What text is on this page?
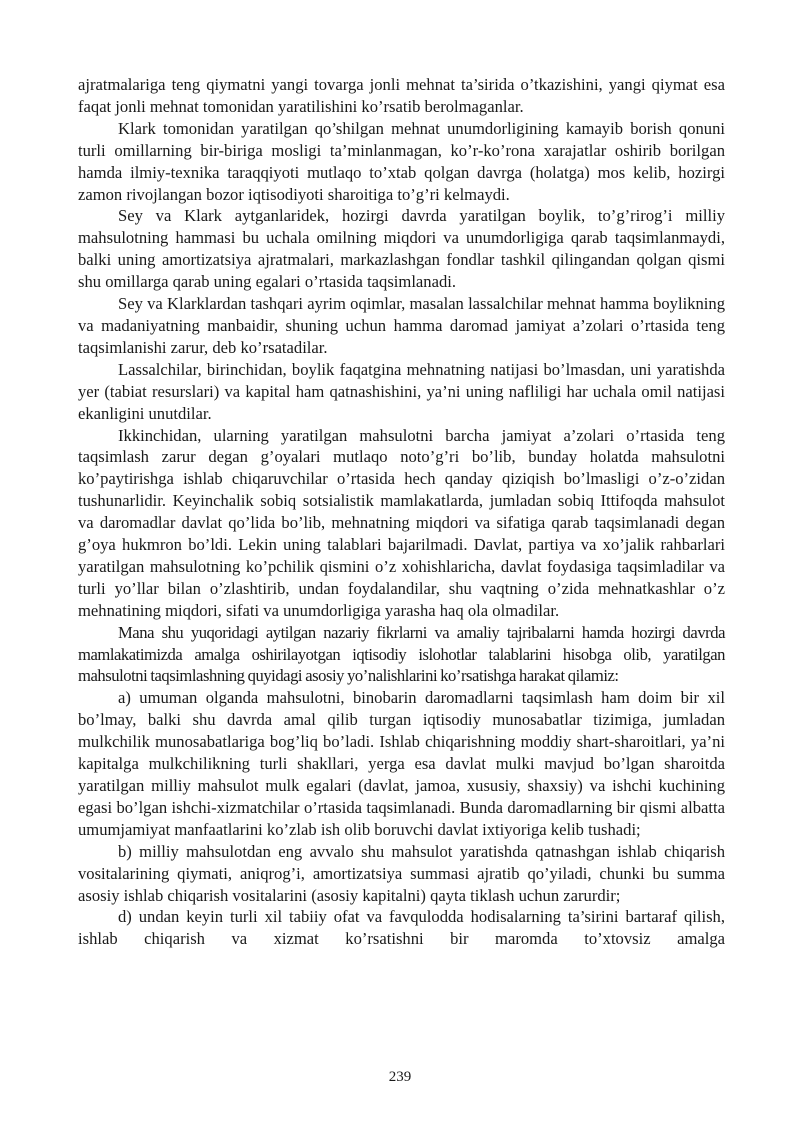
ajratmalariga teng qiymatni yangi tovarga jonli mehnat ta’sirida o’tkazishini, yangi qiymat esa faqat jonli mehnat tomonidan yaratilishini ko’rsatib berolmaganlar.

Klark tomonidan yaratilgan qo’shilgan mehnat unumdorligining kamayib borish qonuni turli omillarning bir-biriga mosligi ta’minlanmagan, ko’r-ko’rona xarajatlar oshirib borilgan hamda ilmiy-texnika taraqqiyoti mutlaqo to’xtab qolgan davrga (holatga) mos kelib, hozirgi zamon rivojlangan bozor iqtisodiyoti sharoitiga to’g’ri kelmaydi.

Sey va Klark aytganlaridek, hozirgi davrda yaratilgan boylik, to’g’rirog’i milliy mahsulotning hammasi bu uchala omilning miqdori va unumdorligiga qarab taqsimlanmaydi, balki uning amortizatsiya ajratmalari, markazlashgan fondlar tashkil qilingandan qolgan qismi shu omillarga qarab uning egalari o’rtasida taqsimlanadi.

Sey va Klarklardan tashqari ayrim oqimlar, masalan lassalchilar mehnat hamma boylikning va madaniyatning manbaidir, shuning uchun hamma daromad jamiyat a’zolari o’rtasida teng taqsimlanishi zarur, deb ko’rsatadilar.

Lassalchilar, birinchidan, boylik faqatgina mehnatning natijasi bo’lmasdan, uni yaratishda yer (tabiat resurslari) va kapital ham qatnashishini, ya’ni uning nafliligi har uchala omil natijasi ekanligini unutdilar.

Ikkinchidan, ularning yaratilgan mahsulotni barcha jamiyat a’zolari o’rtasida teng taqsimlash zarur degan g’oyalari mutlaqo noto’g’ri bo’lib, bunday holatda mahsulotni ko’paytirishga ishlab chiqaruvchilar o’rtasida hech qanday qiziqish bo’lmasligi o’z-o’zidan tushunarlidir. Keyinchalik sobiq sotsialistik mamlakatlarda, jumladan sobiq Ittifoqda mahsulot va daromadlar davlat qo’lida bo’lib, mehnatning miqdori va sifatiga qarab taqsimlanadi degan g’oya hukmron bo’ldi. Lekin uning talablari bajarilmadi. Davlat, partiya va xo’jalik rahbarlari yaratilgan mahsulotning ko’pchilik qismini o’z xohishlaricha, davlat foydasiga taqsimladilar va turli yo’llar bilan o’zlashtirib, undan foydalandilar, shu vaqtning o’zida mehnatkashlar o’z mehnatining miqdori, sifati va unumdorligiga yarasha haq ola olmadilar.

Mana shu yuqoridagi aytilgan nazariy fikrlarni va amaliy tajribalarni hamda hozirgi davrda mamlakatimizda amalga oshirilayotgan iqtisodiy islohotlar talablarini hisobga olib, yaratilgan mahsulotni taqsimlashning quyidagi asosiy yo’nalishlarini ko’rsatishga harakat qilamiz:

a) umuman olganda mahsulotni, binobarin daromadlarni taqsimlash ham doim bir xil bo’lmay, balki shu davrda amal qilib turgan iqtisodiy munosabatlar tizimiga, jumladan mulkchilik munosabatlariga bog’liq bo’ladi. Ishlab chiqarishning moddiy shart-sharoitlari, ya’ni kapitalga mulkchilikning turli shakllari, yerga esa davlat mulki mavjud bo’lgan sharoitda yaratilgan milliy mahsulot mulk egalari (davlat, jamoa, xususiy, shaxsiy) va ishchi kuchining egasi bo’lgan ishchi-xizmatchilar o’rtasida taqsimlanadi. Bunda daromadlarning bir qismi albatta umumjamiyat manfaatlarini ko’zlab ish olib boruvchi davlat ixtiyoriga kelib tushadi;

b) milliy mahsulotdan eng avvalo shu mahsulot yaratishda qatnashgan ishlab chiqarish vositalarining qiymati, aniqrog’i, amortizatsiya summasi ajratib qo’yiladi, chunki bu summa asosiy ishlab chiqarish vositalarini (asosiy kapitalni) qayta tiklash uchun zarurdir;

d) undan keyin turli xil tabiiy ofat va favqulodda hodisalarning ta’sirini bartaraf qilish, ishlab chiqarish va xizmat ko’rsatishni bir maromda to’xtovsiz amalga

239
